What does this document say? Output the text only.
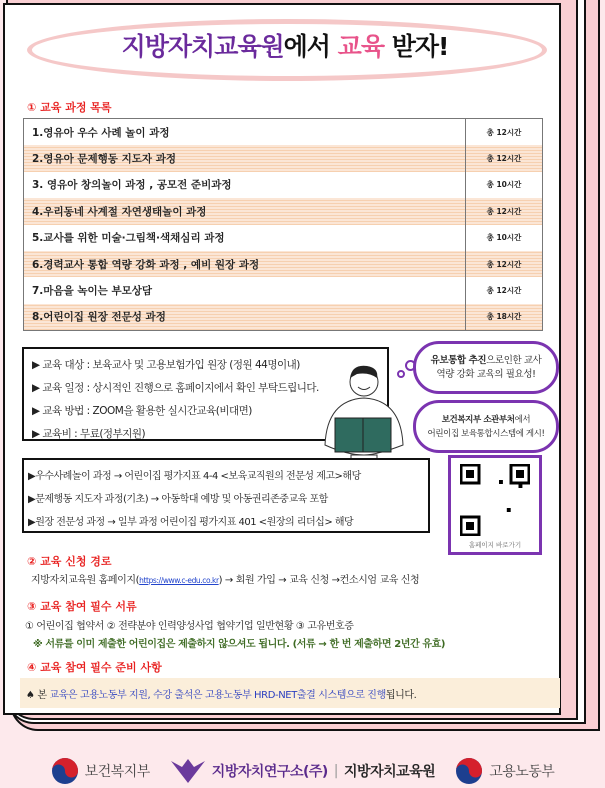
지방자치교육원에서 교육 받자!
① 교육 과정 목록
1.영유아 우수 사례 놀이 과정	총 12시간
2.영유아 문제행동 지도자 과정	총 12시간
3. 영유아 창의놀이 과정 , 공모전 준비과정	총 10시간
4.우리동네 사계절 자연생태놀이 과정	총 12시간
5.교사를 위한 미술·그림책·색채심리 과정	총 10시간
6.경력교사 통합 역량 강화 과정 , 예비 원장 과정	총 12시간
7.마음을 녹이는 부모상담	총 12시간
8.어린이집 원장 전문성 과정	총 18시간

▶ 교육 대상 : 보육교사 및 고용보험가입 원장 (정원 44명이내)

▶ 교육 일정 : 상시적인 진행으로 홈페이지에서 확인 부탁드립니다.

▶ 교육 방법 : ZOOM을 활용한 실시간교육(비대면)

▶ 교육비 : 무료(정부지원)

유보통합 추진으로인한 교사
역량 강화 교육의 필요성!
보건복지부 소관부처에서
어린이집 보육통합시스템에 게시!

▶우수사례놀이 과정 → 어린이집 평가지표 4-4 <보육교직원의 전문성 제고>해당

▶문제행동 지도자 과정(기초) → 아동학대 예방 및 아동권리존중교육 포함

▶원장 전문성 과정 → 일부 과정 어린이집 평가지표 401 <원장의 리더십> 해당

홈페이지 바로가기
② 교육 신청 경로
지방자치교육원 홈페이지(https://www.c-edu.co.kr) → 회원 가입 → 교육 신청 →컨소시엄 교육 신청
③ 교육 참여 필수 서류
① 어린이집 협약서 ② 전략분야 인력양성사업 협약기업 일반현황 ③ 고유번호증
※ 서류를 이미 제출한 어린이집은 제출하지 않으셔도 됩니다. (서류 → 한 번 제출하면 2년간 유효)
④ 교육 참여 필수 준비 사항
♠ 본 교육은 고용노동부 지원, 수강 출석은 고용노동부 HRD-NET출결 시스템으로 진행됩니다.
보건복지부	지방자치연구소(주) | 지방자치교육원	고용노동부
